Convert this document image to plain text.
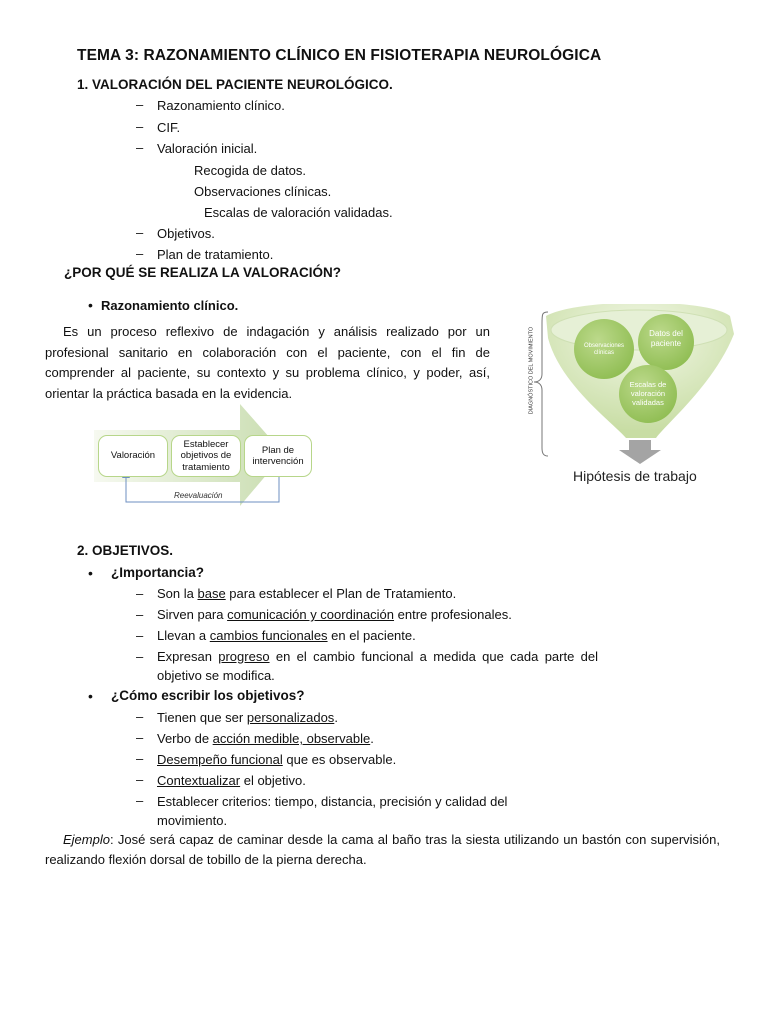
TEMA 3: RAZONAMIENTO CLÍNICO EN FISIOTERAPIA NEUROLÓGICA
1. VALORACIÓN DEL PACIENTE NEUROLÓGICO.
– Razonamiento clínico.
– CIF.
– Valoración inicial.
Recogida de datos.
Observaciones clínicas.
Escalas de valoración validadas.
– Objetivos.
– Plan de tratamiento.
¿POR QUÉ SE REALIZA LA VALORACIÓN?
• Razonamiento clínico.
Es un proceso reflexivo de indagación y análisis realizado por un profesional sanitario en colaboración con el paciente, con el fin de comprender al paciente, su contexto y su problema clínico, y poder, así, orientar la práctica basada en la evidencia.
Valoración
Establecer objetivos de tratamiento
Plan de intervención
Reevaluación
DIAGNÓSTICO DEL MOVIMIENTO	Observaciones clínicas
Datos del paciente
Escalas de valoración validadas
Hipótesis de trabajo
2. OBJETIVOS.
• ¿Importancia?
– Son la base para establecer el Plan de Tratamiento.
– Sirven para comunicación y coordinación entre profesionales.
– Llevan a cambios funcionales en el paciente.
– Expresan progreso en el cambio funcional a medida que cada parte del objetivo se modifica.
• ¿Cómo escribir los objetivos?
– Tienen que ser personalizados.
– Verbo de acción medible, observable.
– Desempeño funcional que es observable.
– Contextualizar el objetivo.
– Establecer criterios: tiempo, distancia, precisión y calidad del movimiento.
Ejemplo: José será capaz de caminar desde la cama al baño tras la siesta utilizando un bastón con supervisión, realizando flexión dorsal de tobillo de la pierna derecha.
